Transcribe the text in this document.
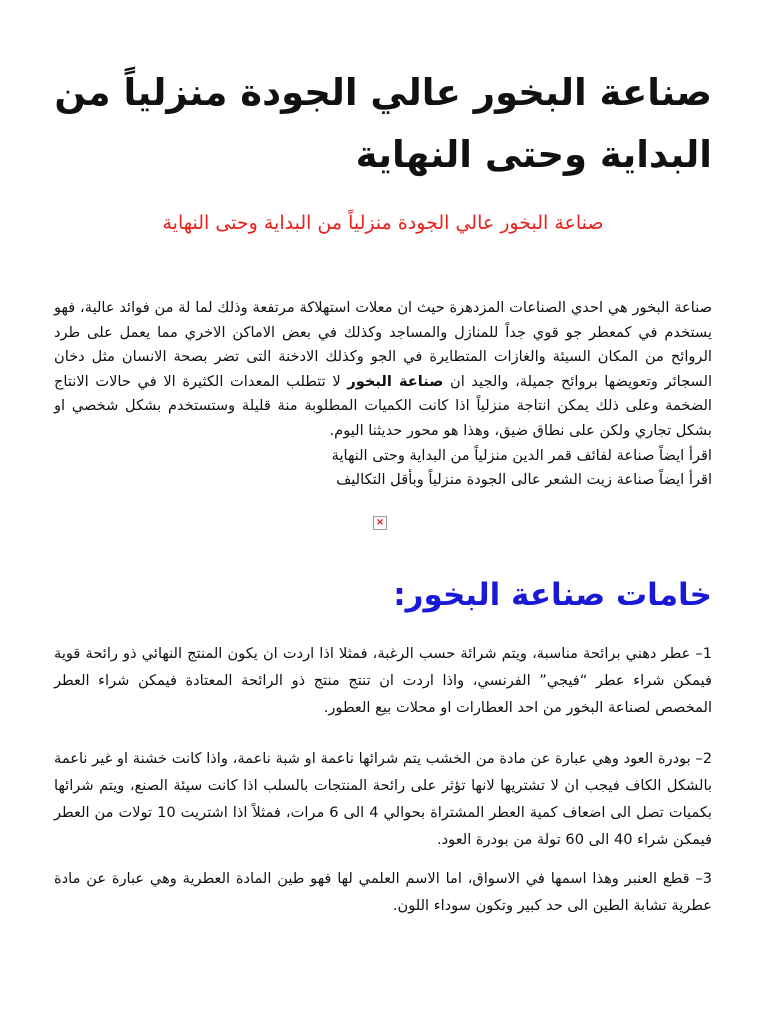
صناعة البخور عالي الجودة منزلياً من البداية وحتى النهاية
صناعة البخور عالي الجودة منزلياً من البداية وحتى النهاية

صناعة البخور هي احدي الصناعات المزدهرة حيث ان معلات استهلاكة مرتفعة وذلك لما لة من فوائد عالية، فهو يستخدم في كمعطر جو قوي جداً للمنازل والمساجد وكذلك في بعض الاماكن الاخري مما يعمل على طرد الروائح من المكان السيئة والغازات المتطايرة في الجو وكذلك الادخنة التى تضر بصحة الانسان مثل دخان السجائر وتعويضها بروائح جميلة، والجيد ان صناعة البخور لا تتطلب المعدات الكثيرة الا في حالات الانتاج الضخمة وعلى ذلك يمكن انتاجة منزلياً اذا كانت الكميات المطلوبة منة قليلة وستستخدم بشكل شخصي او بشكل تجاري ولكن على نطاق ضيق، وهذا هو محور حديثنا اليوم.

اقرأ ايضاً صناعة لفائف قمر الدين منزلياً من البداية وحتى النهاية

اقرأ ايضاً صناعة زيت الشعر عالى الجودة منزلياً وبأقل التكاليف

×
خامات صناعة البخور:

1– عطر دهني برائحة مناسبة، ويتم شرائة حسب الرغبة، فمثلا اذا اردت ان يكون المنتج النهائي ذو رائحة قوية فيمكن شراء عطر “فيجي” الفرنسي، واذا اردت ان تنتج منتج ذو الرائحة المعتادة فيمكن شراء العطر المخصص لصناعة البخور من احد العطارات او محلات بيع العطور.

2– بودرة العود وهي عبارة عن مادة من الخشب يتم شرائها ناعمة او شبة ناعمة، واذا كانت خشنة او غير ناعمة بالشكل الكاف فيجب ان لا تشتريها لانها تؤثر على رائحة المنتجات بالسلب اذا كانت سيئة الصنع، ويتم شرائها بكميات تصل الى اضعاف كمية العطر المشتراة بحوالي 4 الى 6 مرات، فمثلاً اذا اشتريت 10 تولات من العطر فيمكن شراء 40 الى 60 تولة من بودرة العود.

3– قطع العنبر وهذا اسمها في الاسواق، اما الاسم العلمي لها فهو طين المادة العطرية وهي عبارة عن مادة عطرية تشابة الطين الى حد كبير وتكون سوداء اللون.
